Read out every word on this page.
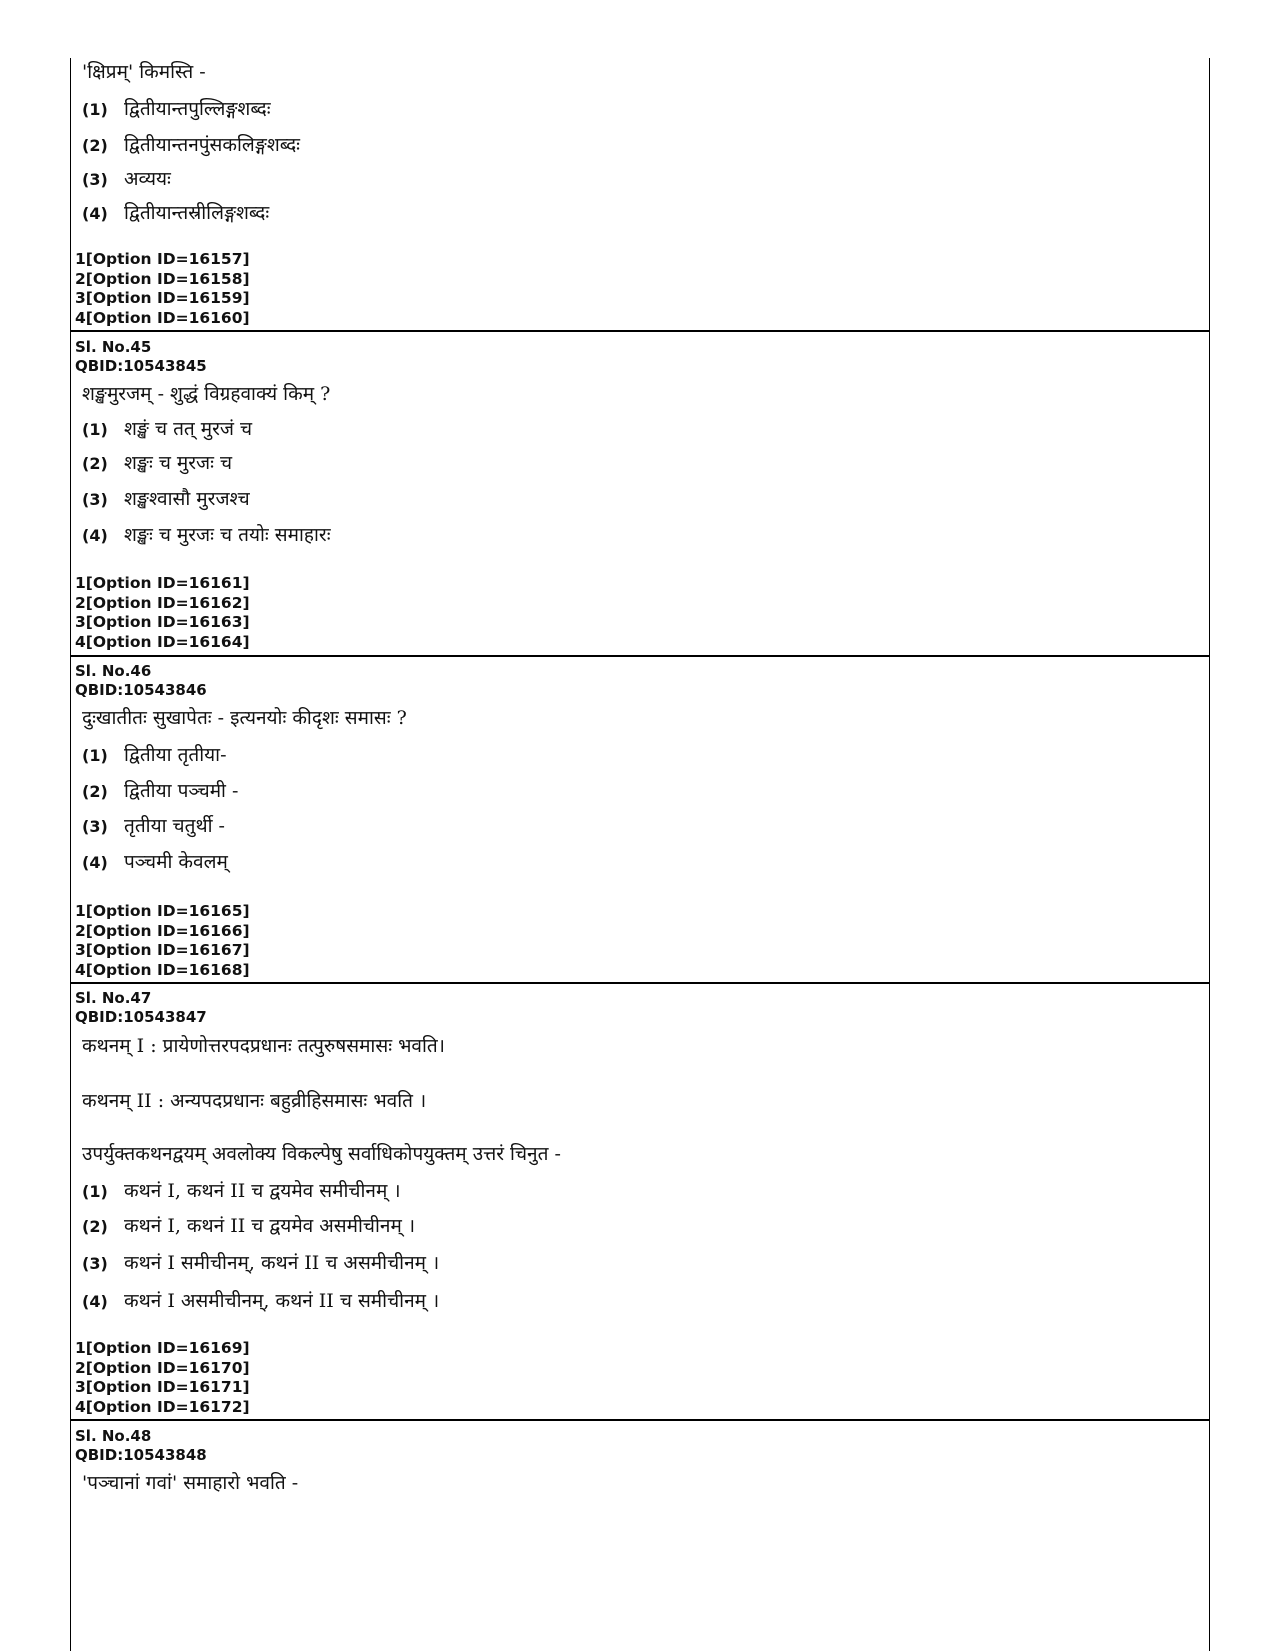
'क्षिप्रम्' किमस्ति -
(1) द्वितीयान्तपुल्लिङ्गशब्दः
(2) द्वितीयान्तनपुंसकलिङ्गशब्दः
(3) अव्ययः
(4) द्वितीयान्तस्रीलिङ्गशब्दः
1[Option ID=16157]
2[Option ID=16158]
3[Option ID=16159]
4[Option ID=16160]
Sl. No.45
QBID:10543845
शङ्खमुरजम् - शुद्धं विग्रहवाक्यं किम् ?
(1) शङ्खं च तत् मुरजं च
(2) शङ्खः च मुरजः च
(3) शङ्खश्वासौ मुरजश्च
(4) शङ्खः च मुरजः च तयोः समाहारः
1[Option ID=16161]
2[Option ID=16162]
3[Option ID=16163]
4[Option ID=16164]
Sl. No.46
QBID:10543846
दुःखातीतः सुखापेतः - इत्यनयोः कीदृशः समासः ?
(1) द्वितीया तृतीया-
(2) द्वितीया पञ्चमी -
(3) तृतीया चतुर्थी -
(4) पञ्चमी केवलम्
1[Option ID=16165]
2[Option ID=16166]
3[Option ID=16167]
4[Option ID=16168]
Sl. No.47
QBID:10543847
कथनम् I : प्रायेणोत्तरपदप्रधानः तत्पुरुषसमासः भवति।
कथनम् II : अन्यपदप्रधानः बहुव्रीहिसमासः भवति ।
उपर्युक्तकथनद्वयम् अवलोक्य विकल्पेषु सर्वाधिकोपयुक्तम् उत्तरं चिनुत -
(1) कथनं I, कथनं II च द्वयमेव समीचीनम् ।
(2) कथनं I, कथनं II च द्वयमेव असमीचीनम् ।
(3) कथनं I समीचीनम्, कथनं II च असमीचीनम् ।
(4) कथनं I असमीचीनम्, कथनं II च समीचीनम् ।
1[Option ID=16169]
2[Option ID=16170]
3[Option ID=16171]
4[Option ID=16172]
Sl. No.48
QBID:10543848
'पञ्चानां गवां' समाहारो भवति -
